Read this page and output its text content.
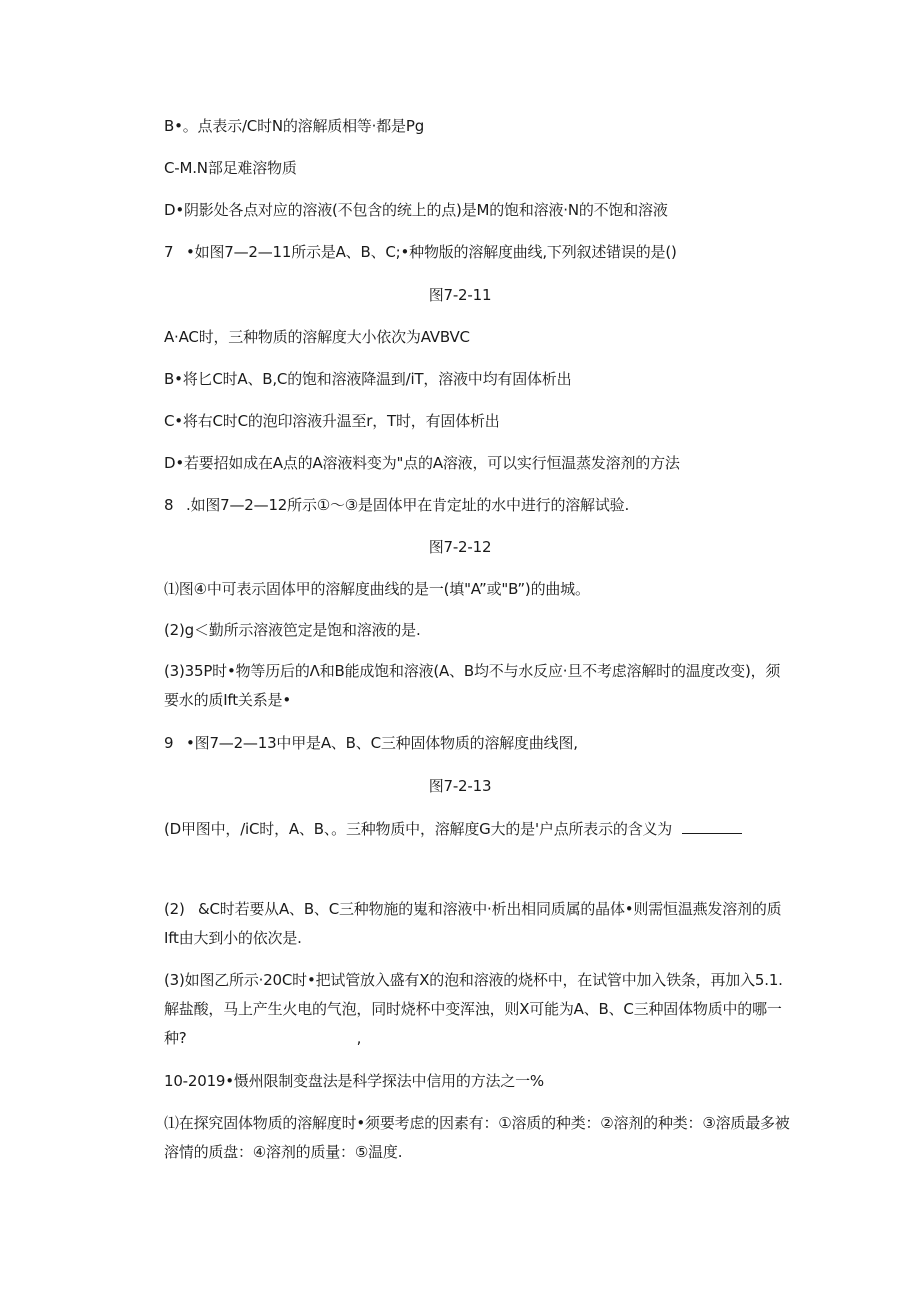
B•。点表示/C时N的溶解质相等·都是Pg
C-M.N部足难溶物质
D•阴影处各点对应的溶液(不包含的统上的点)是M的饱和溶液·N的不饱和溶液
7 •如图7—2—11所示是A、B、C;•种物版的溶解度曲线,下列叙述错误的是()
图7-2-11
A·AC时，三种物质的溶解度大小依次为AVBVC
B•将匕C时A、B,C的饱和溶液降温到/iT，溶液中均有固体析出
C•将右C时C的泡印溶液升温至r，T时，有固体析出
D•若要招如成在A点的A溶液料变为"点的A溶液，可以实行恒温蒸发溶剂的方法
8 .如图7—2—12所示①〜③是固体甲在肯定址的水中进行的溶解试验.
图7-2-12
⑴图④中可表示固体甲的溶解度曲线的是一(填"A”或"B”)的曲城。
(2)g＜勤所示溶液笆定是饱和溶液的是.
(3)35P时•物等历后的Λ和B能成饱和溶液(A、B均不与水反应·旦不考虑溶解时的温度改变)，须要水的质Ift关系是•
9 •图7—2—13中甲是A、B、C三种固体物质的溶解度曲线图,
图7-2-13
(D甲图中，/iC时，A、B、。三种物质中，溶解度G大的是'户点所表示的含义为
(2) &C时若要从A、B、C三种物施的嵬和溶液中·析出相同质属的晶体•则需恒温燕发溶剂的质Ift由大到小的依次是.
(3)如图乙所示·20C时•把试管放入盛有X的泡和溶液的烧杯中，在试管中加入铁条，再加入5.1.解盐酸，马上产生火电的气泡，同时烧杯中变浑浊，则X可能为A、B、C三种固体物质中的哪一种?	,
10-2019•慑州限制变盘法是科学探法中信用的方法之一%
⑴在探究固体物质的溶解度时•须要考虑的因素有：①溶质的种类：②溶剂的种类：③溶质最多被溶情的质盘：④溶剂的质量：⑤温度.
